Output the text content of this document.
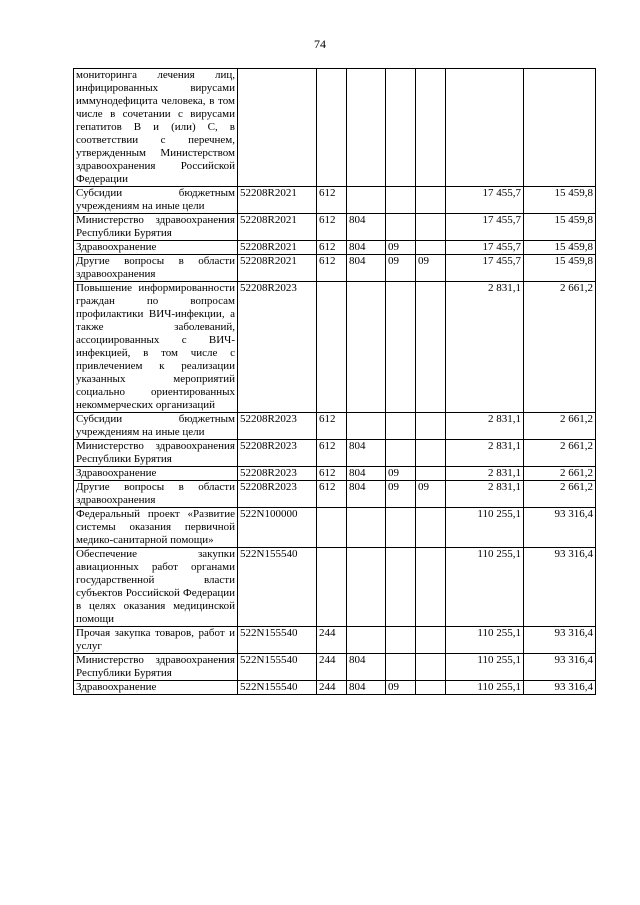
74
мониторинга лечения лиц, инфицированных вирусами иммунодефицита человека, в том числе в сочетании с вирусами гепатитов В и (или) С, в соответствии с перечнем, утвержденным Министерством здравоохранения Российской Федерации							
Субсидии бюджетным учреждениям на иные цели	52208R2021	612				17 455,7	15 459,8
Министерство здравоохранения Республики Бурятия	52208R2021	612	804			17 455,7	15 459,8
Здравоохранение	52208R2021	612	804	09		17 455,7	15 459,8
Другие вопросы в области здравоохранения	52208R2021	612	804	09	09	17 455,7	15 459,8
Повышение информированности граждан по вопросам профилактики ВИЧ-инфекции, а также заболеваний, ассоциированных с ВИЧ-инфекцией, в том числе с привлечением к реализации указанных мероприятий социально ориентированных некоммерческих организаций	52208R2023					2 831,1	2 661,2
Субсидии бюджетным учреждениям на иные цели	52208R2023	612				2 831,1	2 661,2
Министерство здравоохранения Республики Бурятия	52208R2023	612	804			2 831,1	2 661,2
Здравоохранение	52208R2023	612	804	09		2 831,1	2 661,2
Другие вопросы в области здравоохранения	52208R2023	612	804	09	09	2 831,1	2 661,2
Федеральный проект «Развитие системы оказания первичной медико-санитарной помощи»	522N100000					110 255,1	93 316,4
Обеспечение закупки авиационных работ органами государственной власти субъектов Российской Федерации в целях оказания медицинской помощи	522N155540					110 255,1	93 316,4
Прочая закупка товаров, работ и услуг	522N155540	244				110 255,1	93 316,4
Министерство здравоохранения Республики Бурятия	522N155540	244	804			110 255,1	93 316,4
Здравоохранение	522N155540	244	804	09		110 255,1	93 316,4
